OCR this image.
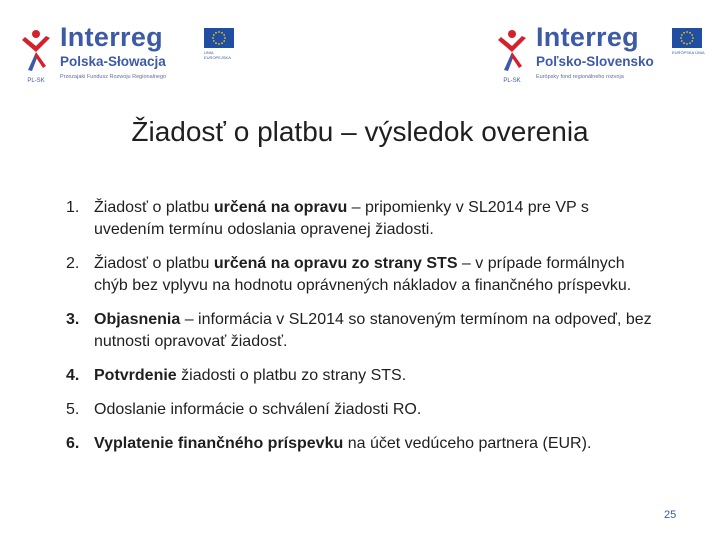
PL-SK
Interreg
Polska-Słowacja
Przezajaki Fundusz Rozwoju Regionalnego
UNIA EUROPEJSKA
PL-SK
Interreg
Poľsko-Slovensko
Európsky fond regionálneho rozvoja
EURÓPSKA ÚNIA
Žiadosť o platbu – výsledok overenia
1. Žiadosť o platbu určená na opravu – pripomienky v SL2014 pre VP s uvedením termínu odoslania opravenej žiadosti.
2. Žiadosť o platbu určená na opravu zo strany STS – v prípade formálnych chýb bez vplyvu na hodnotu oprávnených nákladov a finančného príspevku.
3. Objasnenia – informácia v SL2014 so stanoveným termínom na odpoveď, bez nutnosti opravovať žiadosť.
4. Potvrdenie žiadosti o platbu zo strany STS.
5. Odoslanie informácie o schválení žiadosti RO.
6. Vyplatenie finančného príspevku na účet vedúceho partnera (EUR).
25
